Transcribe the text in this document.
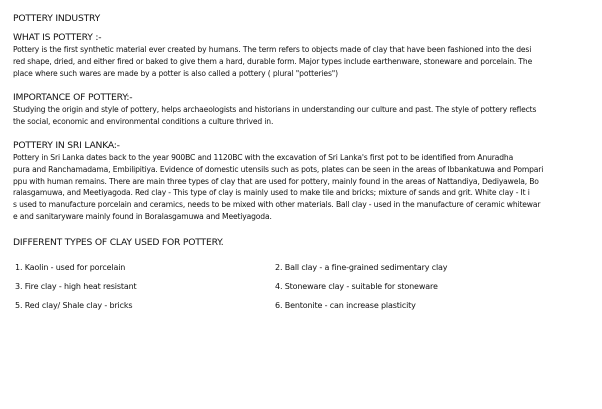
POTTERY INDUSTRY
WHAT IS POTTERY :-
Pottery is the first synthetic material ever created by humans. The term refers to objects made of clay that have been fashioned into the desi
red shape, dried, and either fired or baked to give them a hard, durable form. Major types include earthenware, stoneware and porcelain. The
place where such wares are made by a potter is also called a pottery ( plural "potteries")
IMPORTANCE OF POTTERY:-
Studying the origin and style of pottery, helps archaeologists and historians in understanding our culture and past. The style of pottery reflects
the social, economic and environmental conditions a culture thrived in.
POTTERY IN SRI LANKA:-
Pottery in Sri Lanka dates back to the year 900BC and 1120BC with the excavation of Sri Lanka's first pot to be identified from Anuradha
pura and Ranchamadama, Embilipitiya. Evidence of domestic utensils such as pots, plates can be seen in the areas of Ibbankatuwa and Pompari
ppu with human remains. There are main three types of clay that are used for pottery, mainly found in the areas of Nattandiya, Dediyawela, Bo
ralasgamuwa, and Meetiyagoda. Red clay - This type of clay is mainly used to make tile and bricks; mixture of sands and grit. White clay - It i
s used to manufacture porcelain and ceramics, needs to be mixed with other materials. Ball clay - used in the manufacture of ceramic whitewar
e and sanitaryware mainly found in Boralasgamuwa and Meetiyagoda.
DIFFERENT TYPES OF CLAY USED FOR POTTERY.
1. Kaolin - used for porcelain	2. Ball clay - a fine-grained sedimentary clay
3. Fire clay - high heat resistant	4. Stoneware clay - suitable for stoneware
5. Red clay/ Shale clay - bricks	6. Bentonite - can increase plasticity
